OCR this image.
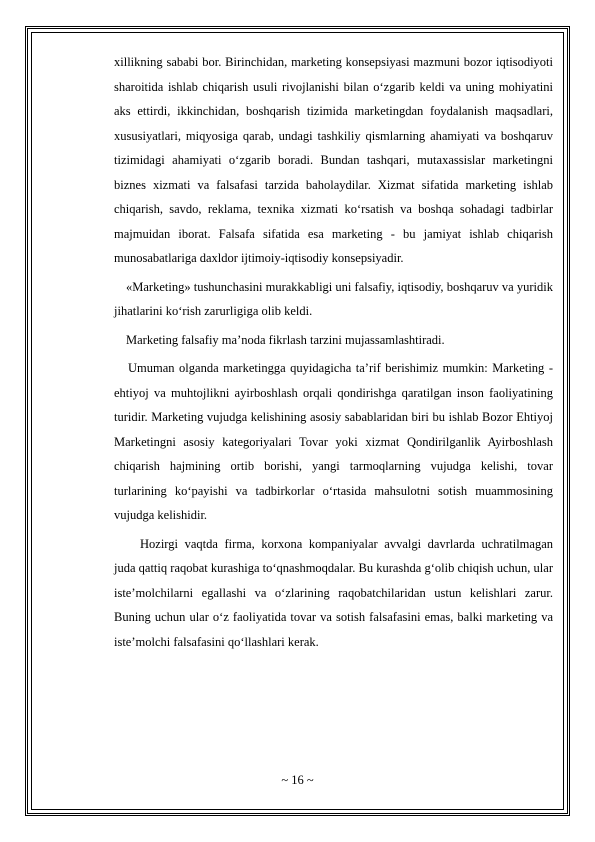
xillikning sababi bor. Birinchidan, marketing konsepsiyasi mazmuni bozor iqtisodiyoti sharoitida ishlab chiqarish usuli rivojlanishi bilan o‘zgarib keldi va uning mohiyatini aks ettirdi, ikkinchidan, boshqarish tizimida marketingdan foydalanish maqsadlari, xususiyatlari, miqyosiga qarab, undagi tashkiliy qismlarning ahamiyati va boshqaruv tizimidagi ahamiyati o‘zgarib boradi. Bundan tashqari, mutaxassislar marketingni biznes xizmati va falsafasi tarzida baholaydilar. Xizmat sifatida marketing ishlab chiqarish, savdo, reklama, texnika xizmati ko‘rsatish va boshqa sohadagi tadbirlar majmuidan iborat. Falsafa sifatida esa marketing - bu jamiyat ishlab chiqarish munosabatlariga daxldor ijtimoiy-iqtisodiy konsepsiyadir.

«Marketing» tushunchasini murakkabligi uni falsafiy, iqtisodiy, boshqaruv va yuridik jihatlarini ko‘rish zarurligiga olib keldi.

Marketing falsafiy ma’noda fikrlash tarzini mujassamlashtiradi.

Umuman olganda marketingga quyidagicha ta’rif berishimiz mumkin: Marketing - ehtiyoj va muhtojlikni ayirboshlash orqali qondirishga qaratilgan inson faoliyatining turidir. Marketing vujudga kelishining asosiy sabablaridan biri bu ishlab Bozor Ehtiyoj Marketingni asosiy kategoriyalari Tovar yoki xizmat Qondirilganlik Ayirboshlash chiqarish hajmining ortib borishi, yangi tarmoqlarning vujudga kelishi, tovar turlarining ko‘payishi va tadbirkorlar o‘rtasida mahsulotni sotish muammosining vujudga kelishidir.

Hozirgi vaqtda firma, korxona kompaniyalar avvalgi davrlarda uchratilmagan juda qattiq raqobat kurashiga to‘qnashmoqdalar. Bu kurashda g‘olib chiqish uchun, ular iste’molchilarni egallashi va o‘zlarining raqobatchilaridan ustun kelishlari zarur. Buning uchun ular o‘z faoliyatida tovar va sotish falsafasini emas, balki marketing va iste’molchi falsafasini qo‘llashlari kerak.

~ 16 ~
